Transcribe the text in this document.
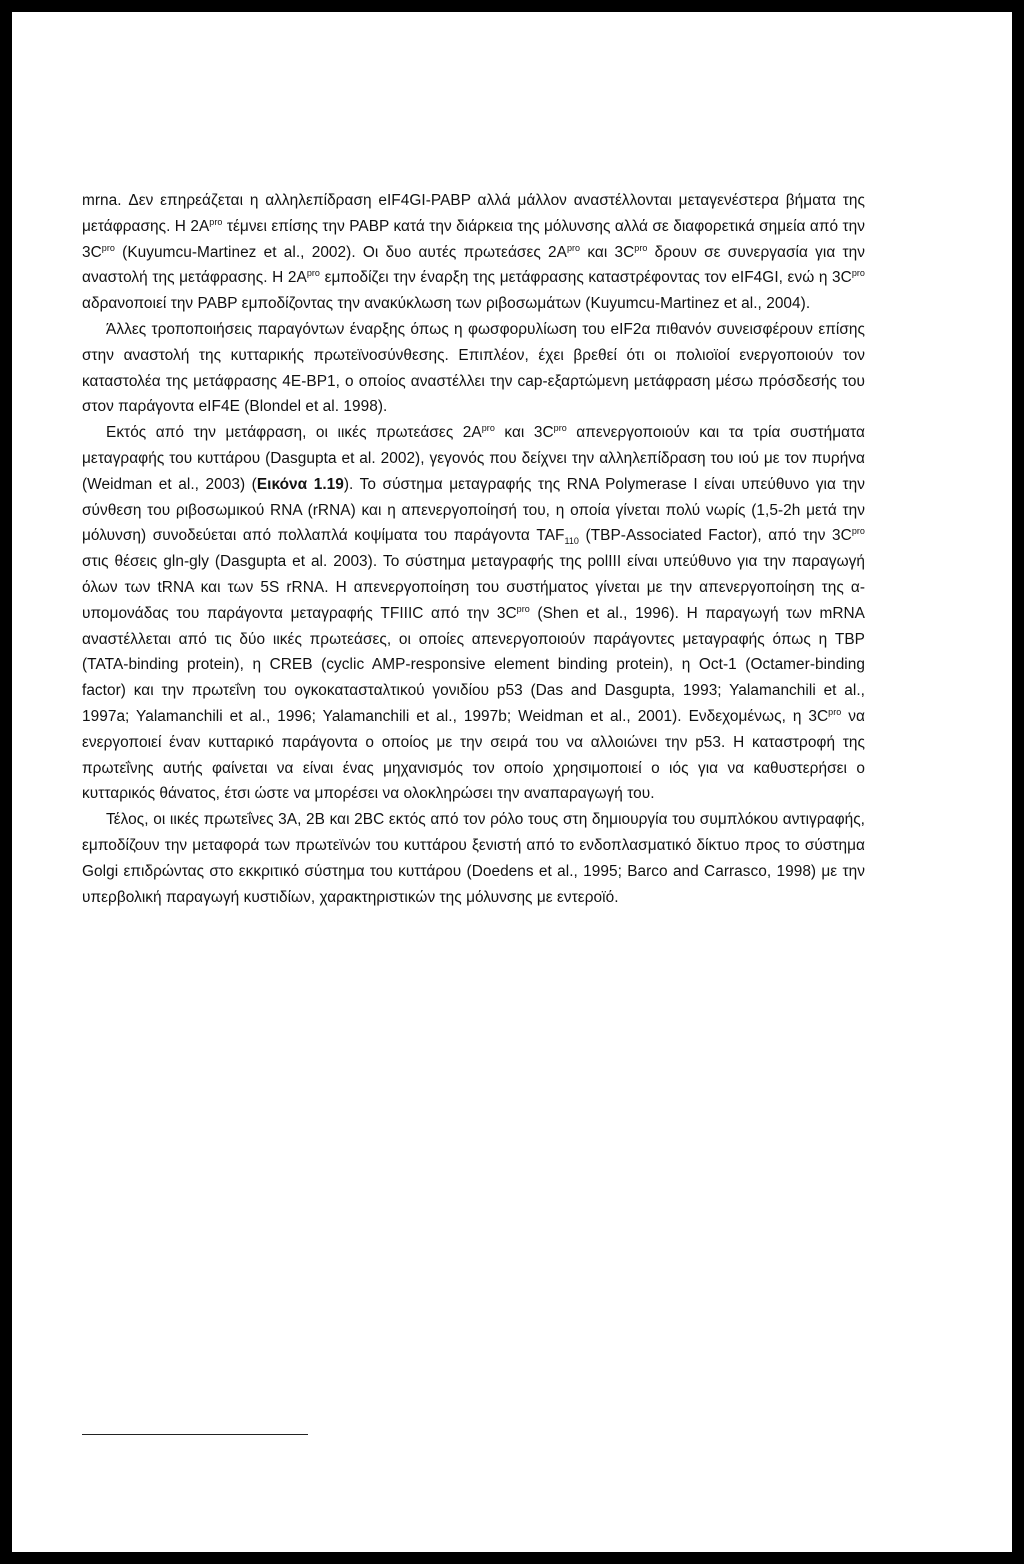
mrna. Δεν επηρεάζεται η αλληλεπίδραση eIF4GI-PABP αλλά μάλλον αναστέλλονται μεταγενέστερα βήματα της μετάφρασης. Η $2A^{pro}$ τέμνει επίσης την PABP κατά την διάρκεια της μόλυνσης αλλά σε διαφορετικά σημεία από την $3C^{pro}$ (Kuyumcu-Martinez et al., 2002). Οι δυο αυτές πρωτεάσες $2A^{pro}$ και $3C^{pro}$ δρουν σε συνεργασία για την αναστολή της μετάφρασης. Η $2A^{pro}$ εμποδίζει την έναρξη της μετάφρασης καταστρέφοντας τον eIF4GI, ενώ η $3C^{pro}$ αδρανοποιεί την PABP εμποδίζοντας την ανακύκλωση των ριβοσωμάτων (Kuyumcu-Martinez et al., 2004).

Άλλες τροποποιήσεις παραγόντων έναρξης όπως η φωσφορυλίωση του eIF2α πιθανόν συνεισφέρουν επίσης στην αναστολή της κυτταρικής πρωτεϊνοσύνθεσης. Επιπλέον, έχει βρεθεί ότι οι πολιοϊοί ενεργοποιούν τον καταστολέα της μετάφρασης 4E-BP1, ο οποίος αναστέλλει την cap-εξαρτώμενη μετάφραση μέσω πρόσδεσής του στον παράγοντα eIF4E (Blondel et al. 1998).

Εκτός από την μετάφραση, οι ιικές πρωτεάσες $2A^{pro}$ και $3C^{pro}$ απενεργοποιούν και τα τρία συστήματα μεταγραφής του κυττάρου (Dasgupta et al. 2002), γεγονός που δείχνει την αλληλεπίδραση του ιού με τον πυρήνα (Weidman et al., 2003) (Εικόνα 1.19). Το σύστημα μεταγραφής της RNA Polymerase I είναι υπεύθυνο για την σύνθεση του ριβοσωμικού RNA (rRNA) και η απενεργοποίησή του, η οποία γίνεται πολύ νωρίς (1,5-2h μετά την μόλυνση) συνοδεύεται από πολλαπλά κοψίματα του παράγοντα $TAF_{110}$ (TBP-Associated Factor), από την $3C^{pro}$ στις θέσεις gln-gly (Dasgupta et al. 2003). Το σύστημα μεταγραφής της polIII είναι υπεύθυνο για την παραγωγή όλων των tRNA και των 5S rRNA. Η απενεργοποίηση του συστήματος γίνεται με την απενεργοποίηση της α-υπομονάδας του παράγοντα μεταγραφής TFIIIC από την $3C^{pro}$ (Shen et al., 1996). Η παραγωγή των mRNA αναστέλλεται από τις δύο ιικές πρωτεάσες, οι οποίες απενεργοποιούν παράγοντες μεταγραφής όπως η TBP (TATA-binding protein), η CREB (cyclic AMP-responsive element binding protein), η Oct-1 (Octamer-binding factor) και την πρωτεΐνη του ογκοκατασταλτικού γονιδίου p53 (Das and Dasgupta, 1993; Yalamanchili et al., 1997a; Yalamanchili et al., 1996; Yalamanchili et al., 1997b; Weidman et al., 2001). Ενδεχομένως, η $3C^{pro}$ να ενεργοποιεί έναν κυτταρικό παράγοντα ο οποίος με την σειρά του να αλλοιώνει την p53. Η καταστροφή της πρωτεΐνης αυτής φαίνεται να είναι ένας μηχανισμός τον οποίο χρησιμοποιεί ο ιός για να καθυστερήσει ο κυτταρικός θάνατος, έτσι ώστε να μπορέσει να ολοκληρώσει την αναπαραγωγή του.

Τέλος, οι ιικές πρωτεΐνες 3A, 2B και 2BC εκτός από τον ρόλο τους στη δημιουργία του συμπλόκου αντιγραφής, εμποδίζουν την μεταφορά των πρωτεϊνών του κυττάρου ξενιστή από το ενδοπλασματικό δίκτυο προς το σύστημα Golgi επιδρώντας στο εκκριτικό σύστημα του κυττάρου (Doedens et al., 1995; Barco and Carrasco, 1998) με την υπερβολική παραγωγή κυστιδίων, χαρακτηριστικών της μόλυνσης με εντεροϊό.
